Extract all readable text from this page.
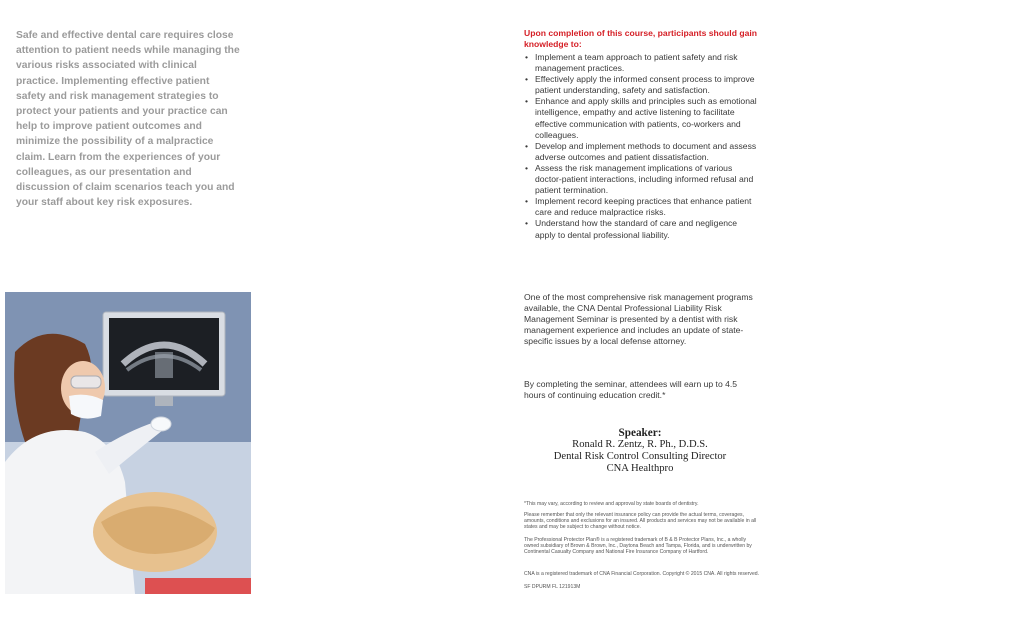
Safe and effective dental care requires close attention to patient needs while managing the various risks associated with clinical practice. Implementing effective patient safety and risk management strategies to protect your patients and your practice can help to improve patient outcomes and minimize the possibility of a malpractice claim. Learn from the experiences of your colleagues, as our presentation and discussion of claim scenarios teach you and your staff about key risk exposures.

Upon completion of this course, participants should gain knowledge to:
• Implement a team approach to patient safety and risk management practices.
• Effectively apply the informed consent process to improve patient understanding, safety and satisfaction.
• Enhance and apply skills and principles such as emotional intelligence, empathy and active listening to facilitate effective communication with patients, co-workers and colleagues.
• Develop and implement methods to document and assess adverse outcomes and patient dissatisfaction.
• Assess the risk management implications of various doctor-patient interactions, including informed refusal and patient termination.
• Implement record keeping practices that enhance patient care and reduce malpractice risks.
• Understand how the standard of care and negligence apply to dental professional liability.

One of the most comprehensive risk management programs available, the CNA Dental Professional Liability Risk Management Seminar is presented by a dentist with risk management experience and includes an update of state-specific issues by a local defense attorney.

By completing the seminar, attendees will earn up to 4.5 hours of continuing education credit.*

Speaker:
Ronald R. Zentz, R. Ph., D.D.S.
Dental Risk Control Consulting Director
CNA Healthpro
*This may vary, according to review and approval by state boards of dentistry.
Please remember that only the relevant insurance policy can provide the actual terms, coverages, amounts, conditions and exclusions for an insured. All products and services may not be available in all states and may be subject to change without notice.
The Professional Protector Plan® is a registered trademark of B & B Protector Plans, Inc., a wholly owned subsidiary of Brown & Brown, Inc., Daytona Beach and Tampa, Florida, and is underwritten by Continental Casualty Company and National Fire Insurance Company of Hartford.
CNA is a registered trademark of CNA Financial Corporation. Copyright © 2015 CNA. All rights reserved.
SF DPURM FL 121913M
